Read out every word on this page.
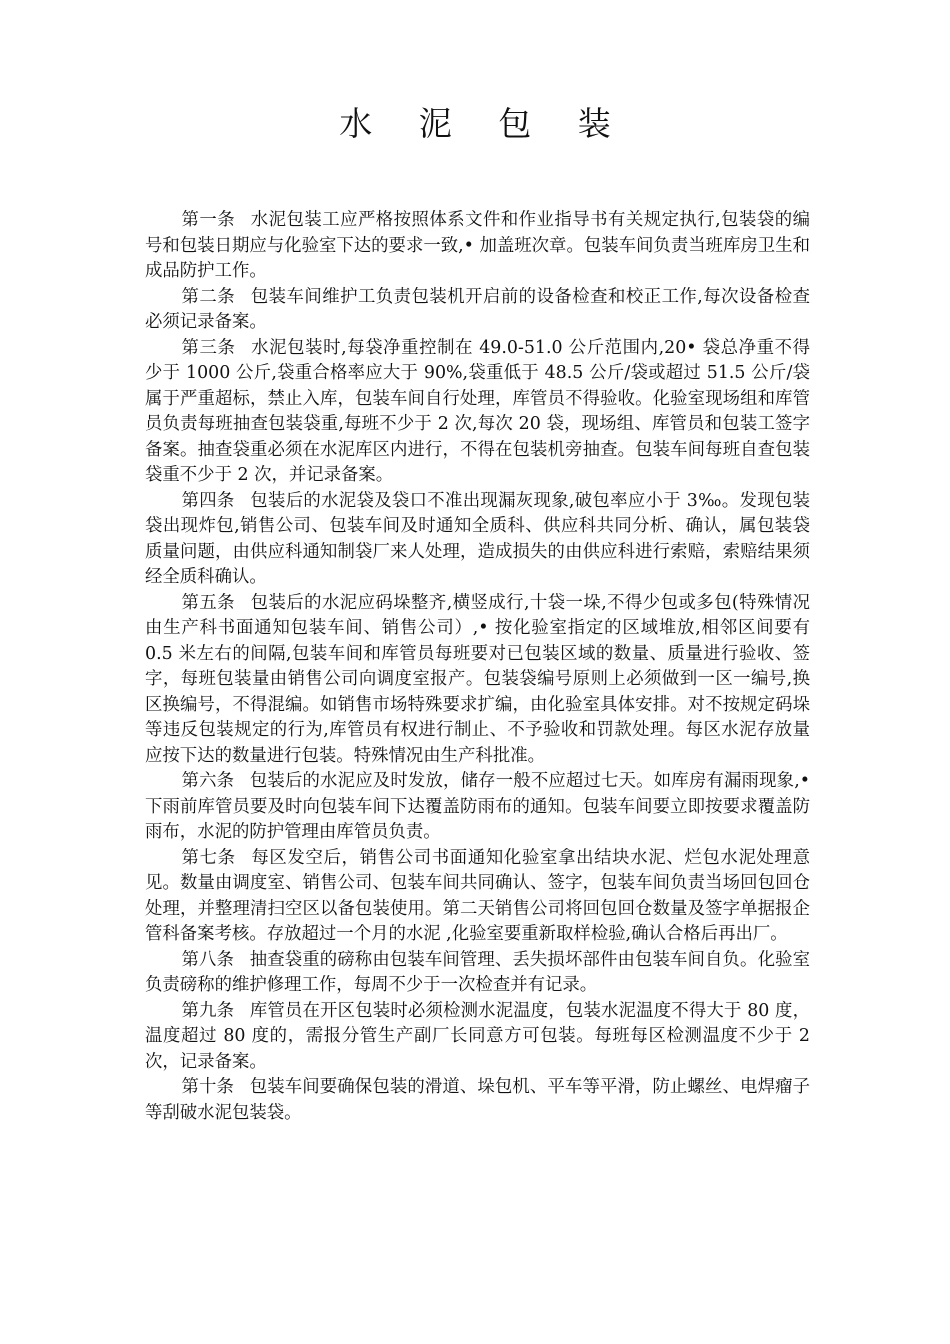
水 泥 包 装

第一条 水泥包装工应严格按照体系文件和作业指导书有关规定执行,包装袋的编号和包装日期应与化验室下达的要求一致,• 加盖班次章。包装车间负责当班库房卫生和成品防护工作。

第二条 包装车间维护工负责包装机开启前的设备检查和校正工作,每次设备检查必须记录备案。

第三条 水泥包装时,每袋净重控制在 49.0-51.0 公斤范围内,20• 袋总净重不得少于 1000 公斤,袋重合格率应大于 90%,袋重低于 48.5 公斤/袋或超过 51.5 公斤/袋属于严重超标，禁止入库，包装车间自行处理，库管员不得验收。化验室现场组和库管员负责每班抽查包装袋重,每班不少于 2 次,每次 20 袋，现场组、库管员和包装工签字备案。抽查袋重必须在水泥库区内进行，不得在包装机旁抽查。包装车间每班自查包装袋重不少于 2 次，并记录备案。

第四条 包装后的水泥袋及袋口不准出现漏灰现象,破包率应小于 3‰。发现包装袋出现炸包,销售公司、包装车间及时通知全质科、供应科共同分析、确认，属包装袋质量问题，由供应科通知制袋厂来人处理，造成损失的由供应科进行索赔，索赔结果须经全质科确认。

第五条 包装后的水泥应码垛整齐,横竖成行,十袋一垛,不得少包或多包(特殊情况由生产科书面通知包装车间、销售公司）,• 按化验室指定的区域堆放,相邻区间要有 0.5 米左右的间隔,包装车间和库管员每班要对已包装区域的数量、质量进行验收、签字，每班包装量由销售公司向调度室报产。包装袋编号原则上必须做到一区一编号,换区换编号，不得混编。如销售市场特殊要求扩编，由化验室具体安排。对不按规定码垛等违反包装规定的行为,库管员有权进行制止、不予验收和罚款处理。每区水泥存放量应按下达的数量进行包装。特殊情况由生产科批准。

第六条 包装后的水泥应及时发放，储存一般不应超过七天。如库房有漏雨现象,• 下雨前库管员要及时向包装车间下达覆盖防雨布的通知。包装车间要立即按要求覆盖防雨布，水泥的防护管理由库管员负责。

第七条 每区发空后，销售公司书面通知化验室拿出结块水泥、烂包水泥处理意见。数量由调度室、销售公司、包装车间共同确认、签字，包装车间负责当场回包回仓处理，并整理清扫空区以备包装使用。第二天销售公司将回包回仓数量及签字单据报企管科备案考核。存放超过一个月的水泥 ,化验室要重新取样检验,确认合格后再出厂。

第八条 抽查袋重的磅称由包装车间管理、丢失损坏部件由包装车间自负。化验室负责磅称的维护修理工作，每周不少于一次检查并有记录。

第九条 库管员在开区包装时必须检测水泥温度，包装水泥温度不得大于 80 度，温度超过 80 度的，需报分管生产副厂长同意方可包装。每班每区检测温度不少于 2 次，记录备案。

第十条 包装车间要确保包装的滑道、垛包机、平车等平滑，防止螺丝、电焊瘤子等刮破水泥包装袋。
